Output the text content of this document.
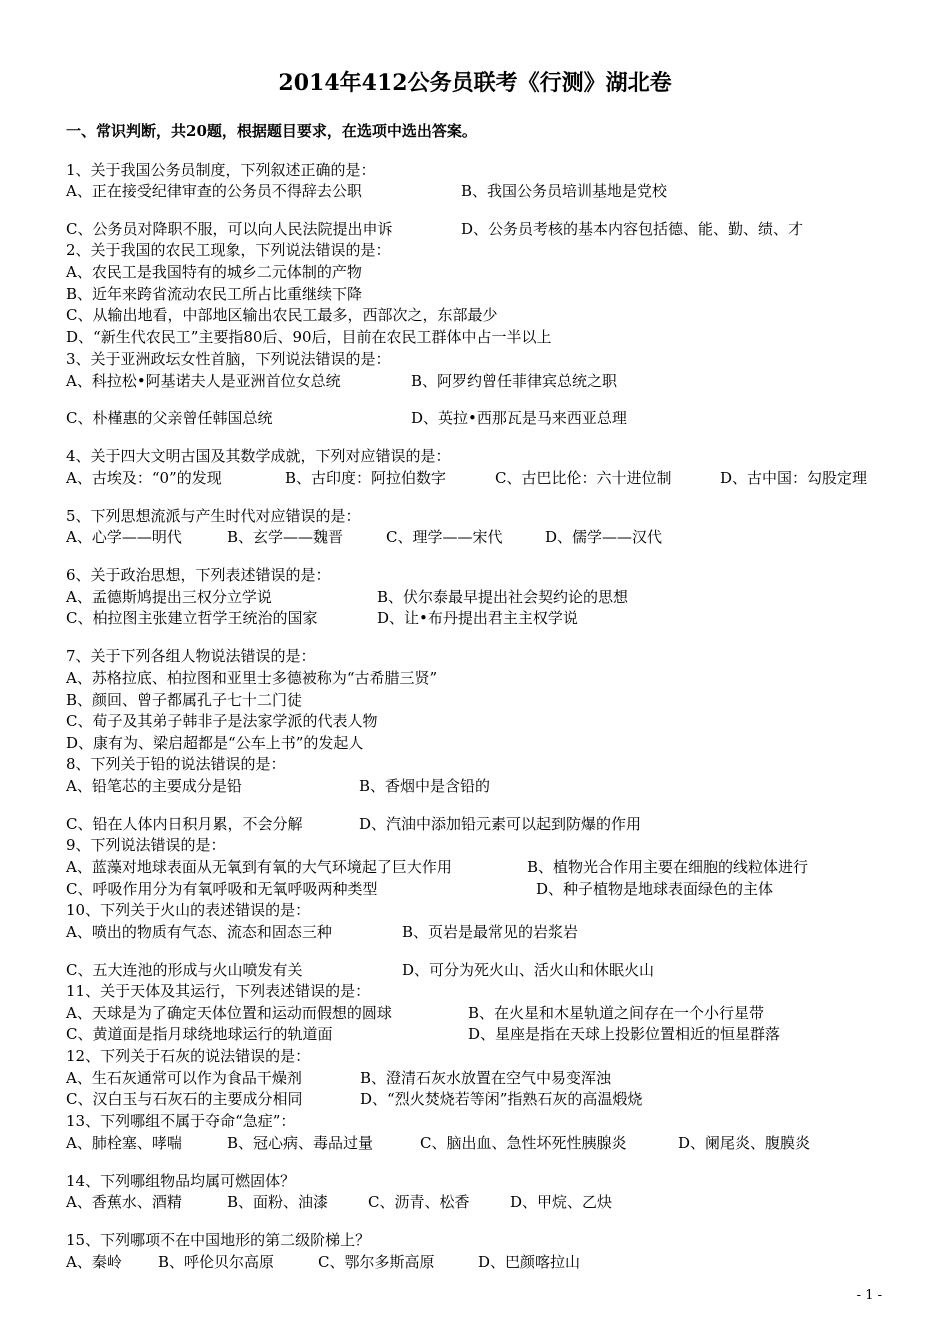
2014年412公务员联考《行测》湖北卷
一、常识判断，共20题，根据题目要求，在选项中选出答案。
1、关于我国公务员制度，下列叙述正确的是：
A、正在接受纪律审查的公务员不得辞去公职	B、我国公务员培训基地是党校
C、公务员对降职不服，可以向人民法院提出申诉	D、公务员考核的基本内容包括德、能、勤、绩、才
2、关于我国的农民工现象，下列说法错误的是：
A、农民工是我国特有的城乡二元体制的产物
B、近年来跨省流动农民工所占比重继续下降
C、从输出地看，中部地区输出农民工最多，西部次之，东部最少
D、“新生代农民工”主要指80后、90后，目前在农民工群体中占一半以上
3、关于亚洲政坛女性首脑，下列说法错误的是：
A、科拉松•阿基诺夫人是亚洲首位女总统	B、阿罗约曾任菲律宾总统之职
C、朴槿惠的父亲曾任韩国总统	D、英拉•西那瓦是马来西亚总理
4、关于四大文明古国及其数学成就，下列对应错误的是：
A、古埃及：“0”的发现	B、古印度：阿拉伯数字	C、古巴比伦：六十进位制	D、古中国：勾股定理
5、下列思想流派与产生时代对应错误的是：
A、心学——明代	B、玄学——魏晋	C、理学——宋代	D、儒学——汉代
6、关于政治思想，下列表述错误的是：
A、孟德斯鸠提出三权分立学说	B、伏尔泰最早提出社会契约论的思想
C、柏拉图主张建立哲学王统治的国家	D、让•布丹提出君主主权学说
7、关于下列各组人物说法错误的是：
A、苏格拉底、柏拉图和亚里士多德被称为“古希腊三贤”
B、颜回、曾子都属孔子七十二门徒
C、荀子及其弟子韩非子是法家学派的代表人物
D、康有为、梁启超都是“公车上书”的发起人
8、下列关于铅的说法错误的是：
A、铅笔芯的主要成分是铅	B、香烟中是含铅的
C、铅在人体内日积月累，不会分解	D、汽油中添加铅元素可以起到防爆的作用
9、下列说法错误的是：
A、蓝藻对地球表面从无氧到有氧的大气环境起了巨大作用	B、植物光合作用主要在细胞的线粒体进行
C、呼吸作用分为有氧呼吸和无氧呼吸两种类型	D、种子植物是地球表面绿色的主体
10、下列关于火山的表述错误的是：
A、喷出的物质有气态、流态和固态三种	B、页岩是最常见的岩浆岩
C、五大连池的形成与火山喷发有关	D、可分为死火山、活火山和休眠火山
11、关于天体及其运行，下列表述错误的是：
A、天球是为了确定天体位置和运动而假想的圆球	B、在火星和木星轨道之间存在一个小行星带
C、黄道面是指月球绕地球运行的轨道面	D、星座是指在天球上投影位置相近的恒星群落
12、下列关于石灰的说法错误的是：
A、生石灰通常可以作为食品干燥剂	B、澄清石灰水放置在空气中易变浑浊
C、汉白玉与石灰石的主要成分相同	D、“烈火焚烧若等闲”指熟石灰的高温煅烧
13、下列哪组不属于夺命“急症”：
A、肺栓塞、哮喘	B、冠心病、毒品过量	C、脑出血、急性坏死性胰腺炎	D、阑尾炎、腹膜炎
14、下列哪组物品均属可燃固体？
A、香蕉水、酒精	B、面粉、油漆	C、沥青、松香	D、甲烷、乙炔
15、下列哪项不在中国地形的第二级阶梯上？
A、秦岭 B、呼伦贝尔高原	C、鄂尔多斯高原	D、巴颜喀拉山
- 1 -
